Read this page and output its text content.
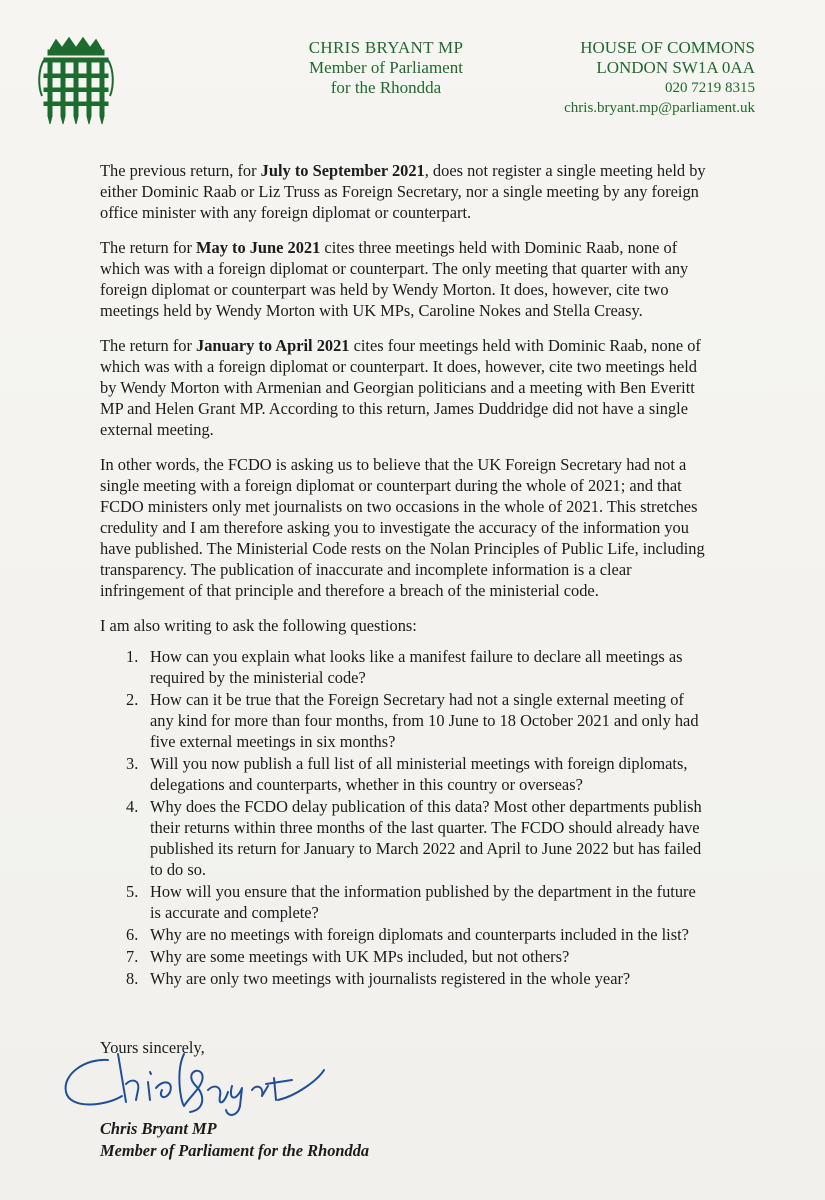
CHRIS BRYANT MP
Member of Parliament
for the Rhondda
HOUSE OF COMMONS
LONDON SW1A 0AA
020 7219 8315
chris.bryant.mp@parliament.uk

The previous return, for July to September 2021, does not register a single meeting held by either Dominic Raab or Liz Truss as Foreign Secretary, nor a single meeting by any foreign office minister with any foreign diplomat or counterpart.

The return for May to June 2021 cites three meetings held with Dominic Raab, none of which was with a foreign diplomat or counterpart. The only meeting that quarter with any foreign diplomat or counterpart was held by Wendy Morton. It does, however, cite two meetings held by Wendy Morton with UK MPs, Caroline Nokes and Stella Creasy.

The return for January to April 2021 cites four meetings held with Dominic Raab, none of which was with a foreign diplomat or counterpart. It does, however, cite two meetings held by Wendy Morton with Armenian and Georgian politicians and a meeting with Ben Everitt MP and Helen Grant MP. According to this return, James Duddridge did not have a single external meeting.

In other words, the FCDO is asking us to believe that the UK Foreign Secretary had not a single meeting with a foreign diplomat or counterpart during the whole of 2021; and that FCDO ministers only met journalists on two occasions in the whole of 2021. This stretches credulity and I am therefore asking you to investigate the accuracy of the information you have published. The Ministerial Code rests on the Nolan Principles of Public Life, including transparency. The publication of inaccurate and incomplete information is a clear infringement of that principle and therefore a breach of the ministerial code.

I am also writing to ask the following questions:

1. How can you explain what looks like a manifest failure to declare all meetings as required by the ministerial code?
2. How can it be true that the Foreign Secretary had not a single external meeting of any kind for more than four months, from 10 June to 18 October 2021 and only had five external meetings in six months?
3. Will you now publish a full list of all ministerial meetings with foreign diplomats, delegations and counterparts, whether in this country or overseas?
4. Why does the FCDO delay publication of this data? Most other departments publish their returns within three months of the last quarter. The FCDO should already have published its return for January to March 2022 and April to June 2022 but has failed to do so.
5. How will you ensure that the information published by the department in the future is accurate and complete?
6. Why are no meetings with foreign diplomats and counterparts included in the list?
7. Why are some meetings with UK MPs included, but not others?
8. Why are only two meetings with journalists registered in the whole year?
Yours sincerely,
Chris Bryant MP
Member of Parliament for the Rhondda
